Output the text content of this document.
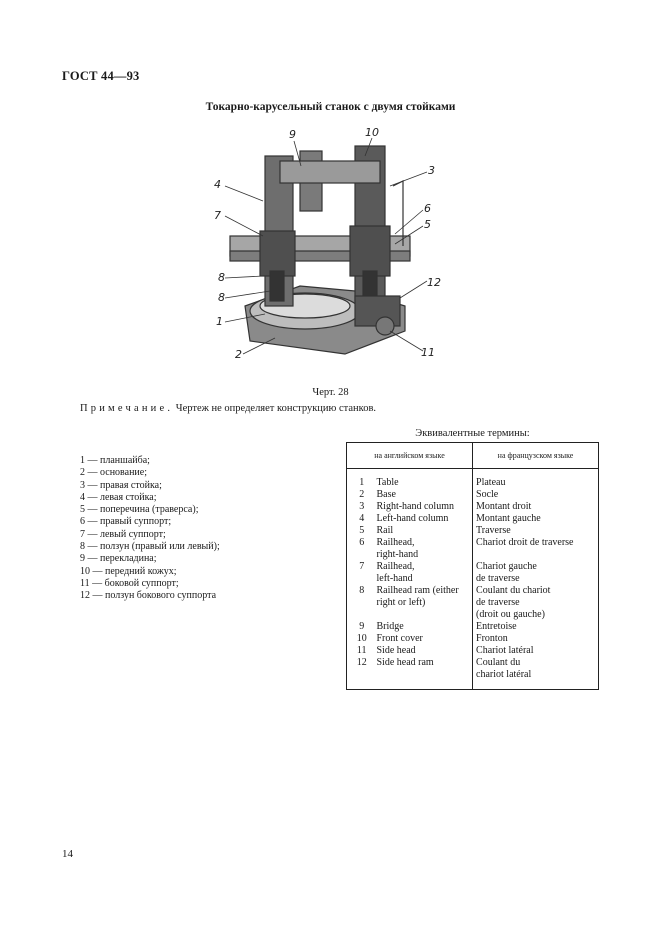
ГОСТ 44—93
Токарно-карусельный станок с двумя стойками
9	10
3
4
7
6
5
8
8
12
1
2	11
Черт. 28
Примечание. Чертеж не определяет конструкцию станков.
1 — планшайба;
2 — основание;
3 — правая стойка;
4 — левая стойка;
5 — поперечина (траверса);
6 — правый суппорт;
7 — левый суппорт;
8 — ползун (правый или левый);
9 — перекладина;
10 — передний кожух;
11 — боковой суппорт;
12 — ползун бокового суппорта
Эквивалентные термины:
на английском языке		на французском языке
1	Table	Plateau

2	Base	Socle

3	Right-hand column	Montant droit

4	Left-hand column	Montant gauche

5	Rail	Traverse

6	Railhead,
right-hand	Chariot droit de traverse

7	Railhead,
left-hand	Chariot gauche
de traverse

8	Railhead ram (either
right or left)	Coulant du chariot
de traverse
(droit ou gauche)

9	Bridge	Entretoise

10	Front cover	Fronton

11	Side head	Chariot latéral

12	Side head ram	Coulant du
chariot latéral
14
